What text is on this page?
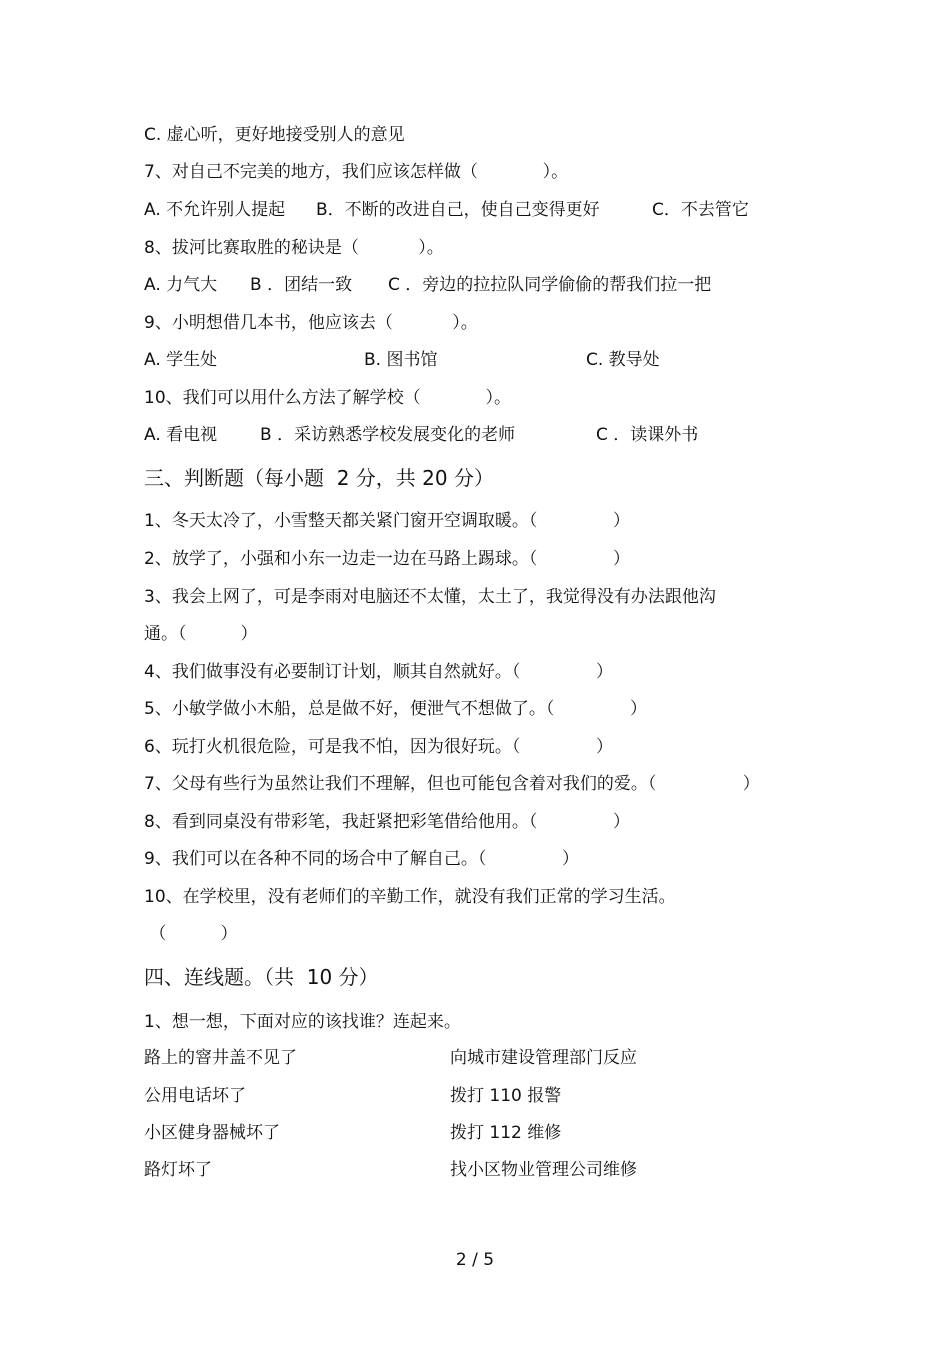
C. 虚心听，更好地接受别人的意见
7、对自己不完美的地方，我们应该怎样做（            ）。
A. 不允许别人提起 B．不断的改进自己，使自己变得更好	C．不去管它
8、拔河比赛取胜的秘诀是（           ）。
A. 力气大 B ．团结一致 C ．旁边的拉拉队同学偷偷的帮我们拉一把
9、小明想借几本书，他应该去（           ）。
A. 学生处	B. 图书馆	C. 教导处
10、我们可以用什么方法了解学校（            ）。
A. 看电视	B ．采访熟悉学校发展变化的老师	C ．读课外书
三、判断题（每小题  2 分，共 20 分）
1、冬天太冷了，小雪整天都关紧门窗开空调取暖。（              ）
2、放学了，小强和小东一边走一边在马路上踢球。（              ）
3、我会上网了，可是李雨对电脑还不太懂，太土了，我觉得没有办法跟他沟
通。（          ）
4、我们做事没有必要制订计划，顺其自然就好。（              ）
5、小敏学做小木船，总是做不好，便泄气不想做了。（              ）
6、玩打火机很危险，可是我不怕，因为很好玩。（              ）
7、父母有些行为虽然让我们不理解，但也可能包含着对我们的爱。（                ）
8、看到同桌没有带彩笔，我赶紧把彩笔借给他用。（              ）
9、我们可以在各种不同的场合中了解自己。（              ）
10、在学校里，没有老师们的辛勤工作，就没有我们正常的学习生活。
（          ）
四、连线题。（共  10 分）
1、想一想，下面对应的该找谁？连起来。
路上的窨井盖不见了	向城市建设管理部门反应
公用电话坏了	拨打 110 报警
小区健身器械坏了	拨打 112 维修
路灯坏了	找小区物业管理公司维修
2 / 5
